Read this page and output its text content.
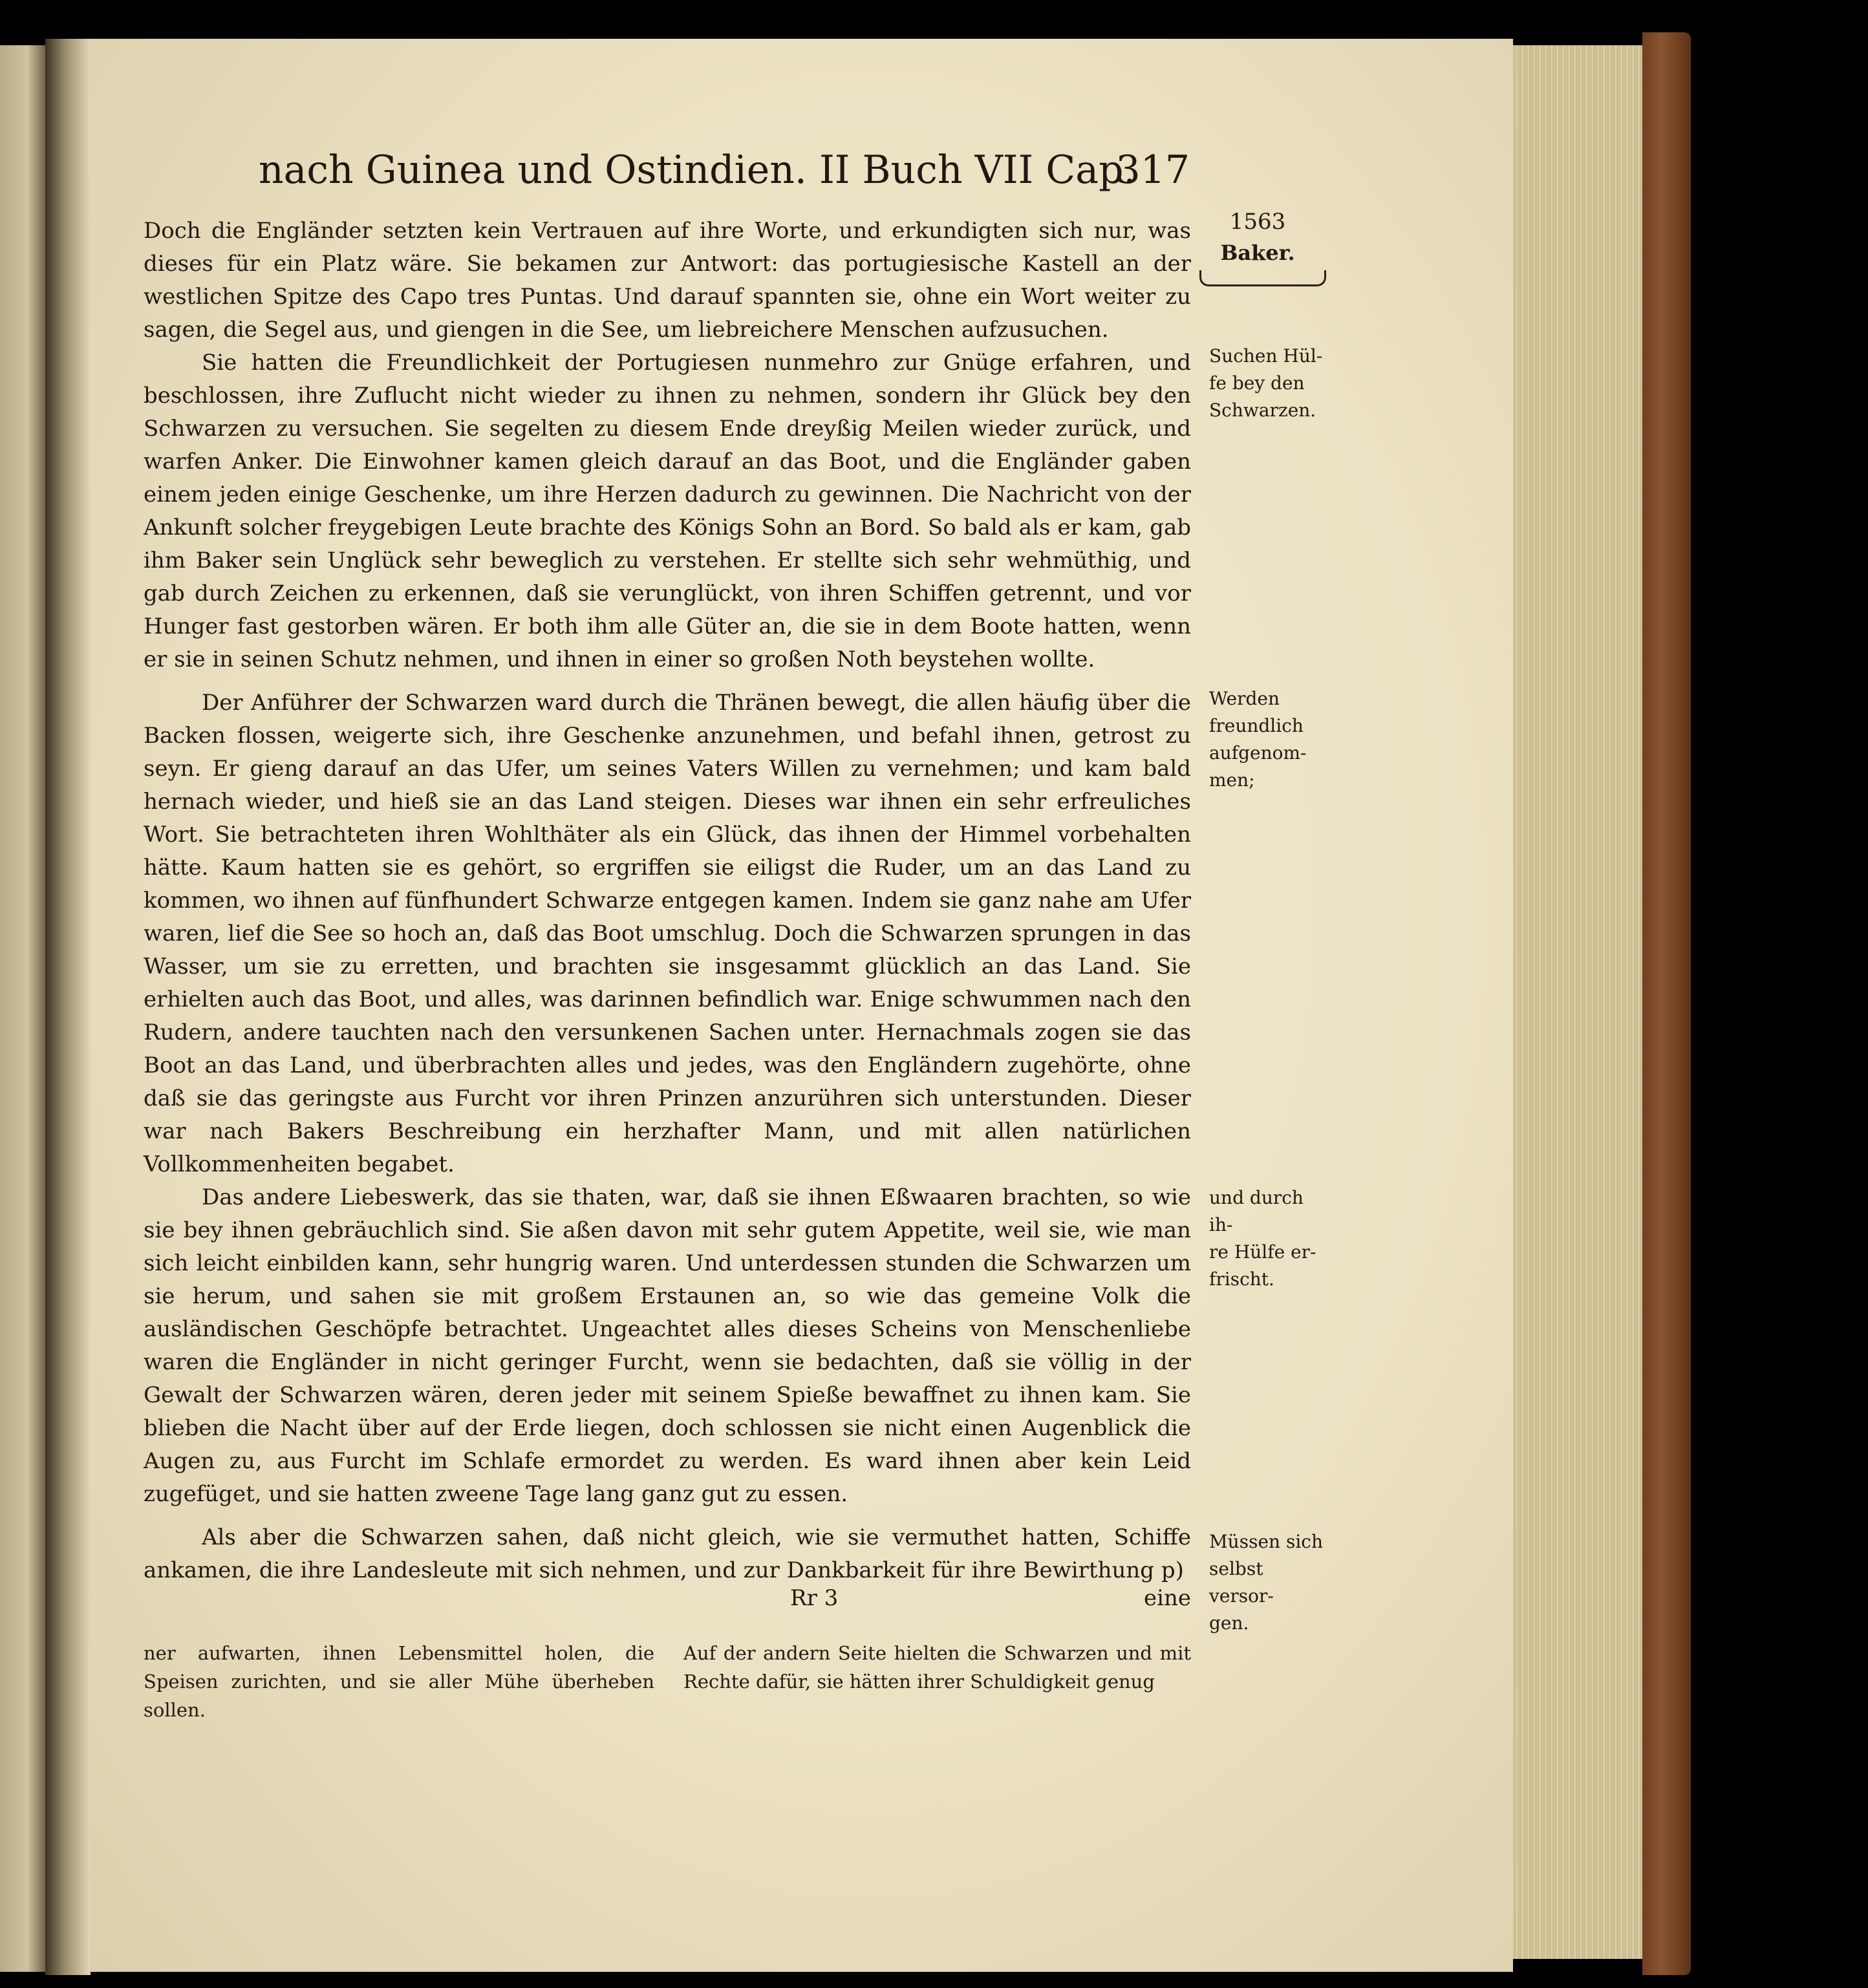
nach Guinea und Ostindien. II Buch VII Cap.
317
1563
Baker.
Suchen Hül-
fe bey den
Schwarzen.
Werden
freundlich
aufgenom-
men;
und durch ih-
re Hülfe er-
frischt.
Müssen sich
selbst versor-
gen.

Doch die Engländer setzten kein Vertrauen auf ihre Worte, und erkundigten sich nur, was dieses für ein Platz wäre. Sie bekamen zur Antwort: das portugiesische Kastell an der westlichen Spitze des Capo tres Puntas. Und darauf spannten sie, ohne ein Wort weiter zu sagen, die Segel aus, und giengen in die See, um liebreichere Menschen aufzusuchen.

Sie hatten die Freundlichkeit der Portugiesen nunmehro zur Gnüge erfahren, und beschlossen, ihre Zuflucht nicht wieder zu ihnen zu nehmen, sondern ihr Glück bey den Schwarzen zu versuchen. Sie segelten zu diesem Ende dreyßig Meilen wieder zurück, und warfen Anker. Die Einwohner kamen gleich darauf an das Boot, und die Engländer gaben einem jeden einige Geschenke, um ihre Herzen dadurch zu gewinnen. Die Nachricht von der Ankunft solcher freygebigen Leute brachte des Königs Sohn an Bord. So bald als er kam, gab ihm Baker sein Unglück sehr beweglich zu verstehen. Er stellte sich sehr wehmüthig, und gab durch Zeichen zu erkennen, daß sie verunglückt, von ihren Schiffen getrennt, und vor Hunger fast gestorben wären. Er both ihm alle Güter an, die sie in dem Boote hatten, wenn er sie in seinen Schutz nehmen, und ihnen in einer so großen Noth beystehen wollte.

Der Anführer der Schwarzen ward durch die Thränen bewegt, die allen häufig über die Backen flossen, weigerte sich, ihre Geschenke anzunehmen, und befahl ihnen, getrost zu seyn. Er gieng darauf an das Ufer, um seines Vaters Willen zu vernehmen; und kam bald hernach wieder, und hieß sie an das Land steigen. Dieses war ihnen ein sehr erfreuliches Wort. Sie betrachteten ihren Wohlthäter als ein Glück, das ihnen der Himmel vorbehalten hätte. Kaum hatten sie es gehört, so ergriffen sie eiligst die Ruder, um an das Land zu kommen, wo ihnen auf fünfhundert Schwarze entgegen kamen. Indem sie ganz nahe am Ufer waren, lief die See so hoch an, daß das Boot umschlug. Doch die Schwarzen sprungen in das Wasser, um sie zu erretten, und brachten sie insgesammt glücklich an das Land. Sie erhielten auch das Boot, und alles, was darinnen befindlich war. Enige schwummen nach den Rudern, andere tauchten nach den versunkenen Sachen unter. Hernachmals zogen sie das Boot an das Land, und überbrachten alles und jedes, was den Engländern zugehörte, ohne daß sie das geringste aus Furcht vor ihren Prinzen anzurühren sich unterstunden. Dieser war nach Bakers Beschreibung ein herzhafter Mann, und mit allen natürlichen Vollkommenheiten begabet.

Das andere Liebeswerk, das sie thaten, war, daß sie ihnen Eßwaaren brachten, so wie sie bey ihnen gebräuchlich sind. Sie aßen davon mit sehr gutem Appetite, weil sie, wie man sich leicht einbilden kann, sehr hungrig waren. Und unterdessen stunden die Schwarzen um sie herum, und sahen sie mit großem Erstaunen an, so wie das gemeine Volk die ausländischen Geschöpfe betrachtet. Ungeachtet alles dieses Scheins von Menschenliebe waren die Engländer in nicht geringer Furcht, wenn sie bedachten, daß sie völlig in der Gewalt der Schwarzen wären, deren jeder mit seinem Spieße bewaffnet zu ihnen kam. Sie blieben die Nacht über auf der Erde liegen, doch schlossen sie nicht einen Augenblick die Augen zu, aus Furcht im Schlafe ermordet zu werden. Es ward ihnen aber kein Leid zugefüget, und sie hatten zweene Tage lang ganz gut zu essen.

Als aber die Schwarzen sahen, daß nicht gleich, wie sie vermuthet hatten, Schiffe ankamen, die ihre Landesleute mit sich nehmen, und zur Dankbarkeit für ihre Bewirthung p)

Rr 3	eine
ner aufwarten, ihnen Lebensmittel holen, die Speisen zurichten, und sie aller Mühe überheben sollen.
Auf der andern Seite hielten die Schwarzen und mit Rechte dafür, sie hätten ihrer Schuldigkeit genug
